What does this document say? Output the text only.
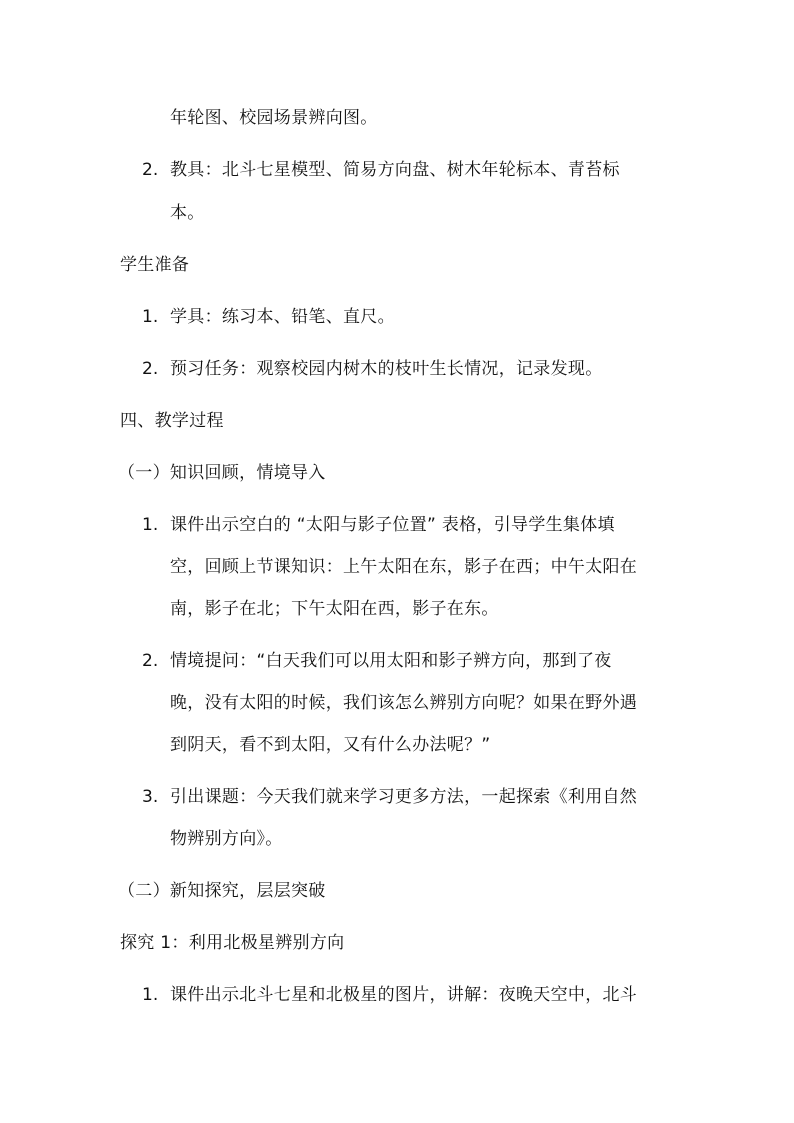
年轮图、校园场景辨向图。
2. 教具：北斗七星模型、简易方向盘、树木年轮标本、青苔标
本。
学生准备
1. 学具：练习本、铅笔、直尺。
2. 预习任务：观察校园内树木的枝叶生长情况，记录发现。
四、教学过程
（一）知识回顾，情境导入
1. 课件出示空白的 “太阳与影子位置” 表格，引导学生集体填
空，回顾上节课知识：上午太阳在东，影子在西；中午太阳在
南，影子在北；下午太阳在西，影子在东。
2. 情境提问：“白天我们可以用太阳和影子辨方向，那到了夜
晚，没有太阳的时候，我们该怎么辨别方向呢？如果在野外遇
到阴天，看不到太阳，又有什么办法呢？”
3. 引出课题：今天我们就来学习更多方法，一起探索《利用自然
物辨别方向》。
（二）新知探究，层层突破
探究 1：利用北极星辨别方向
1. 课件出示北斗七星和北极星的图片，讲解：夜晚天空中，北斗
